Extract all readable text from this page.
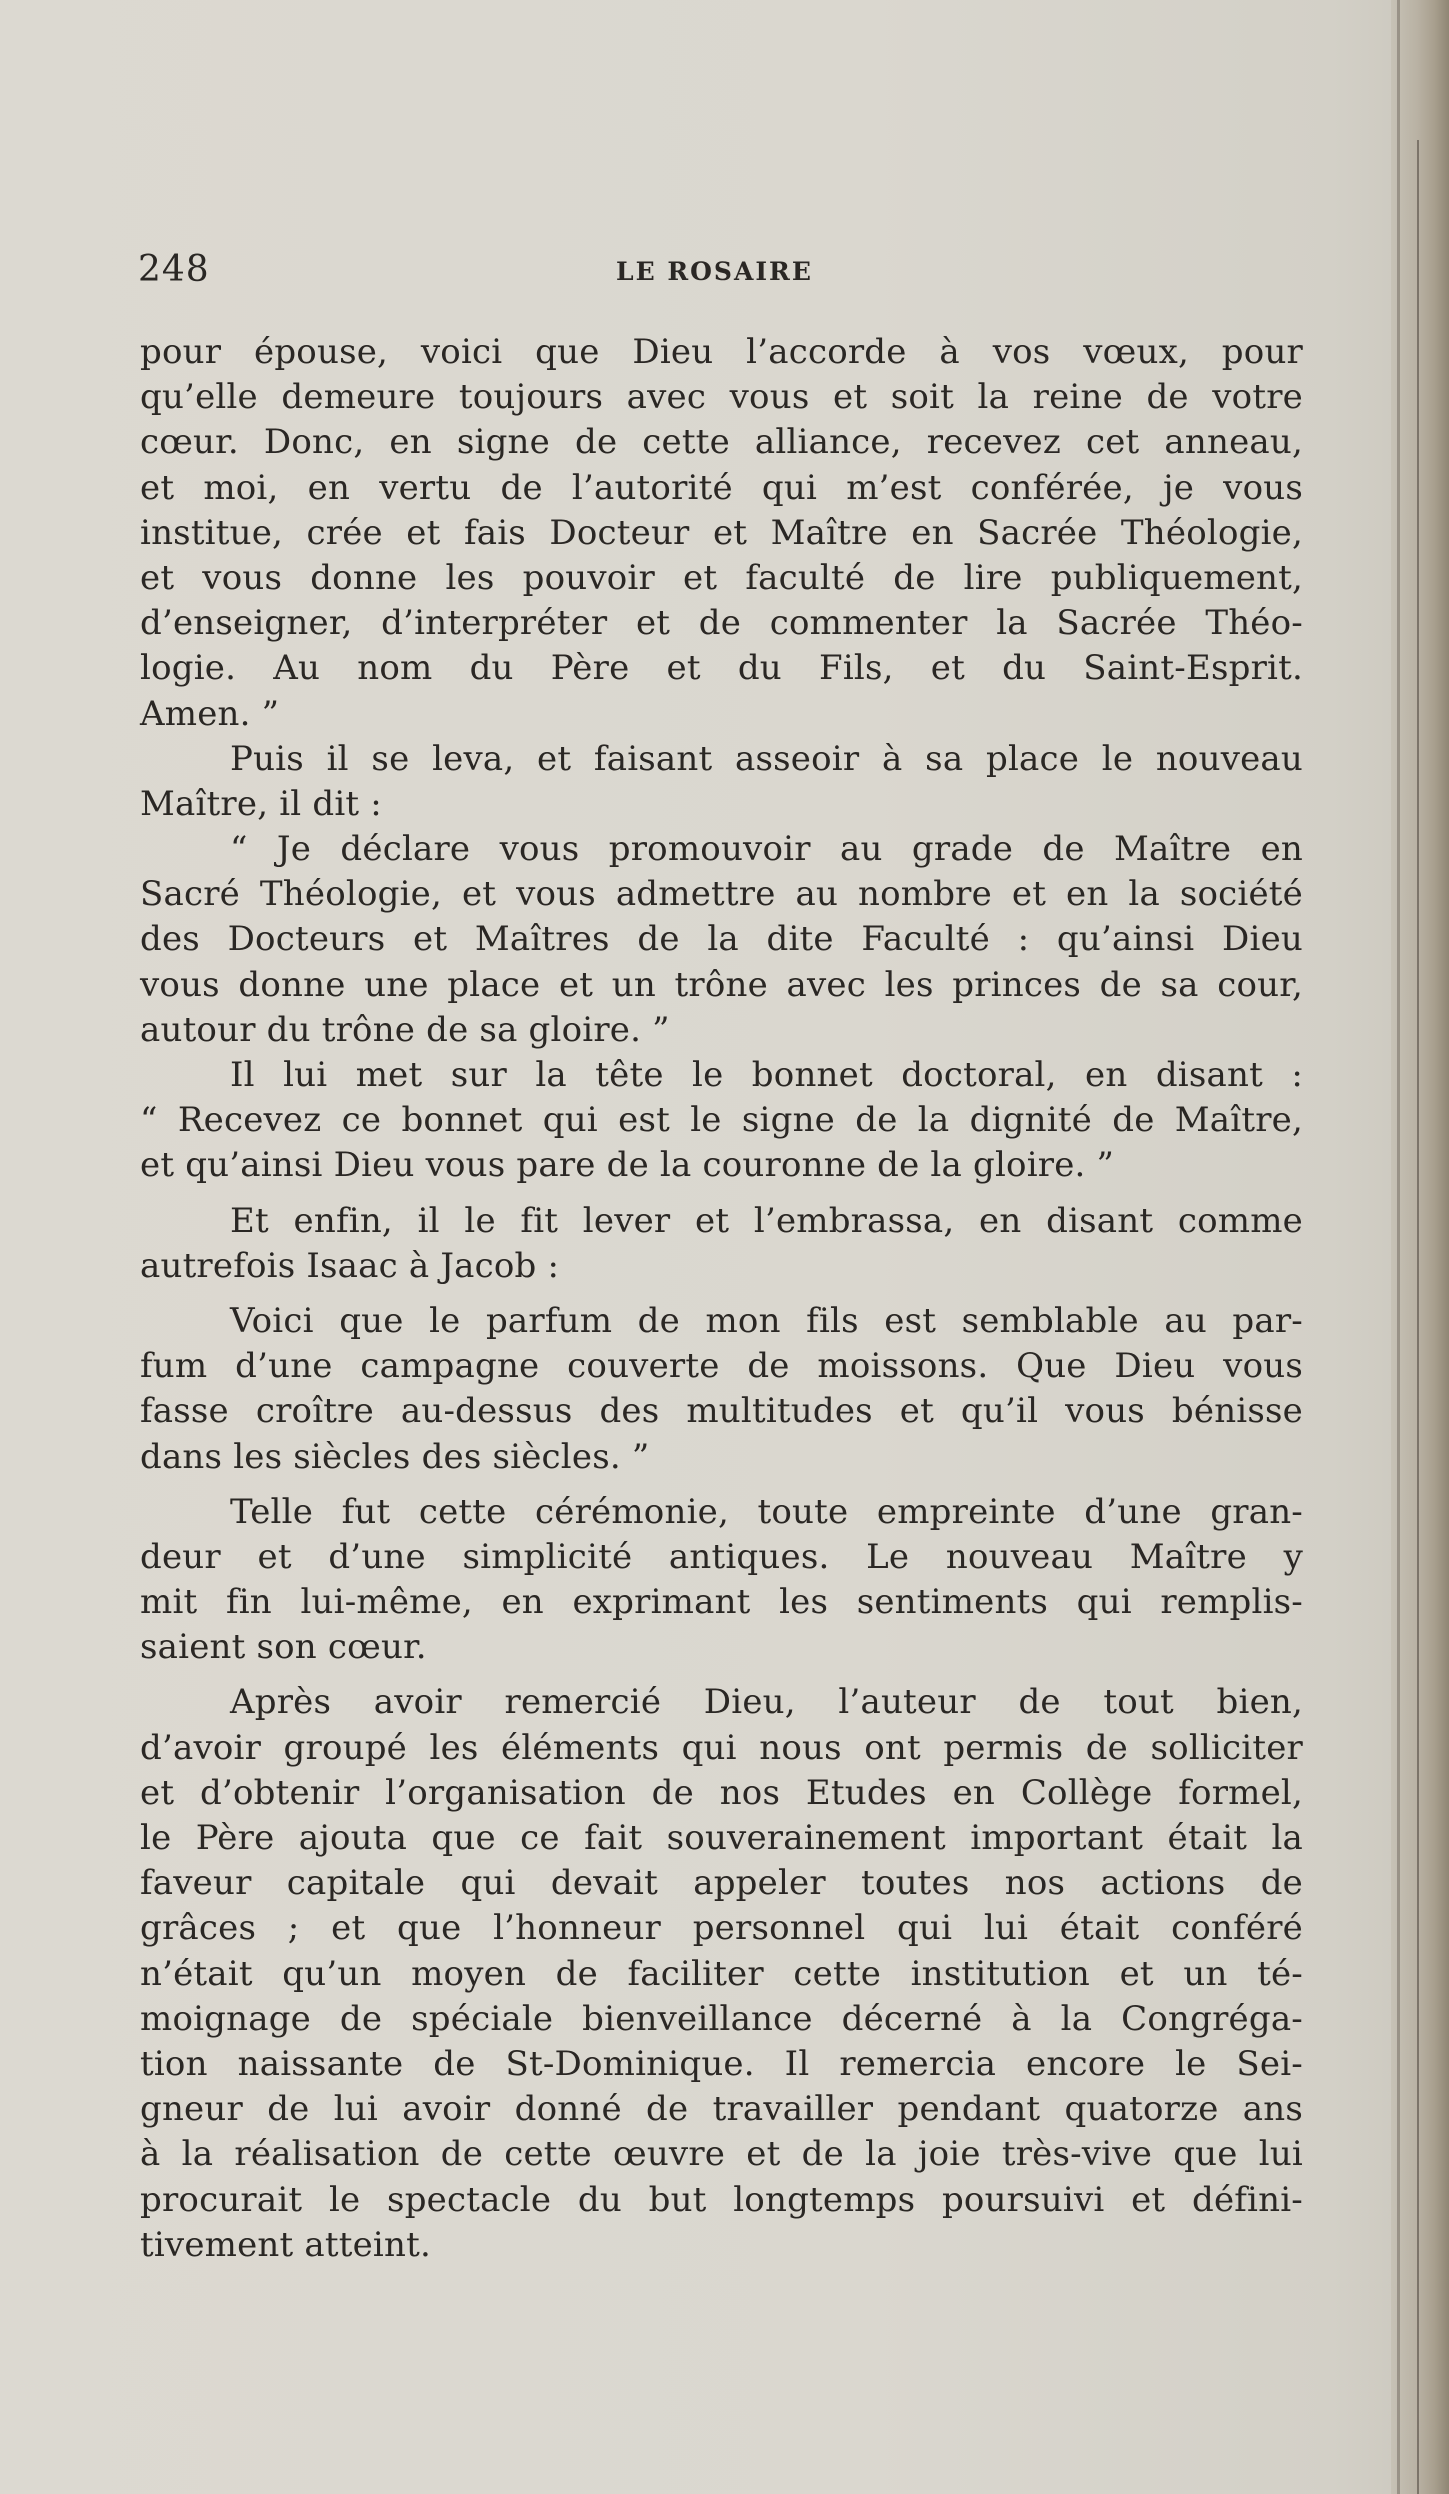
248	LE ROSAIRE
pour épouse, voici que Dieu l’accorde à vos vœux, pour
qu’elle demeure toujours avec vous et soit la reine de votre
cœur. Donc, en signe de cette alliance, recevez cet anneau,
et moi, en vertu de l’autorité qui m’est conférée, je vous
institue, crée et fais Docteur et Maître en Sacrée Théologie,
et vous donne les pouvoir et faculté de lire publiquement,
d’enseigner, d’interpréter et de commenter la Sacrée Théo-
logie. Au nom du Père et du Fils, et du Saint-Esprit.
Amen. ”
Puis il se leva, et faisant asseoir à sa place le nouveau
Maître, il dit :
“ Je déclare vous promouvoir au grade de Maître en
Sacré Théologie, et vous admettre au nombre et en la société
des Docteurs et Maîtres de la dite Faculté : qu’ainsi Dieu
vous donne une place et un trône avec les princes de sa cour,
autour du trône de sa gloire. ”
Il lui met sur la tête le bonnet doctoral, en disant :
“ Recevez ce bonnet qui est le signe de la dignité de Maître,
et qu’ainsi Dieu vous pare de la couronne de la gloire. ”
Et enfin, il le fit lever et l’embrassa, en disant comme
autrefois Isaac à Jacob :
Voici que le parfum de mon fils est semblable au par-
fum d’une campagne couverte de moissons. Que Dieu vous
fasse croître au-dessus des multitudes et qu’il vous bénisse
dans les siècles des siècles. ”
Telle fut cette cérémonie, toute empreinte d’une gran-
deur et d’une simplicité antiques. Le nouveau Maître y
mit fin lui-même, en exprimant les sentiments qui remplis-
saient son cœur.
Après avoir remercié Dieu, l’auteur de tout bien,
d’avoir groupé les éléments qui nous ont permis de solliciter
et d’obtenir l’organisation de nos Etudes en Collège formel,
le Père ajouta que ce fait souverainement important était la
faveur capitale qui devait appeler toutes nos actions de
grâces ; et que l’honneur personnel qui lui était conféré
n’était qu’un moyen de faciliter cette institution et un té-
moignage de spéciale bienveillance décerné à la Congréga-
tion naissante de St-Dominique. Il remercia encore le Sei-
gneur de lui avoir donné de travailler pendant quatorze ans
à la réalisation de cette œuvre et de la joie très-vive que lui
procurait le spectacle du but longtemps poursuivi et défini-
tivement atteint.
